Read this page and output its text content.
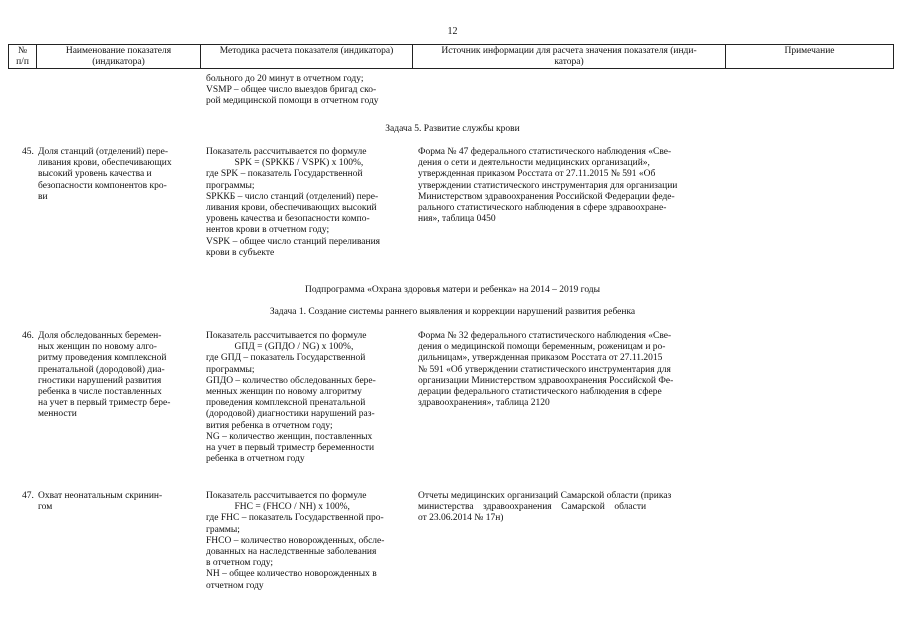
12
№
п/п
Наименование показателя
(индикатора)
Методика расчета показателя (индикатора)	Источник информации для расчета значения показателя (инди-
катора)
Примечание
больного до 20 минут в отчетном году;
VSMP – общее число выездов бригад ско-
рой медицинской помощи в отчетном году
Задача 5. Развитие службы крови
45. Доля станций (отделений) пере-
ливания крови, обеспечивающих
высокий уровень качества и
безопасности компонентов кро-
ви
Показатель рассчитывается по формуле
SPK = (SPKКБ / VSPK) x 100%,
где SPK – показатель Государственной
программы;
SPKКБ – число станций (отделений) пере-
ливания крови, обеспечивающих высокий
уровень качества и безопасности компо-
нентов крови в отчетном году;
VSPK – общее число станций переливания
крови в субъекте
Форма № 47 федерального статистического наблюдения «Све-
дения о сети и деятельности медицинских организаций»,
утвержденная приказом Росстата от 27.11.2015 № 591 «Об
утверждении статистического инструментария для организации
Министерством здравоохранения Российской Федерации феде-
рального статистического наблюдения в сфере здравоохране-
ния», таблица 0450
Подпрограмма «Охрана здоровья матери и ребенка» на 2014 – 2019 годы
Задача 1. Создание системы раннего выявления и коррекции нарушений развития ребенка
46. Доля обследованных беремен-
ных женщин по новому алго-
ритму проведения комплексной
пренатальной (дородовой) диа-
гностики нарушений развития
ребенка в числе поставленных
на учет в первый триместр бере-
менности
Показатель рассчитывается по формуле
GПД = (GПДО / NG) x 100%,
где GПД – показатель Государственной
программы;
GПДО – количество обследованных бере-
менных женщин по новому алгоритму
проведения комплексной пренатальной
(дородовой) диагностики нарушений раз-
вития ребенка в отчетном году;
NG – количество женщин, поставленных
на учет в первый триместр беременности
ребенка в отчетном году
Форма № 32 федерального статистического наблюдения «Све-
дения о медицинской помощи беременным, роженицам и ро-
дильницам», утвержденная приказом Росстата от 27.11.2015
№ 591 «Об утверждении статистического инструментария для
организации Министерством здравоохранения Российской Фе-
дерации федерального статистического наблюдения в сфере
здравоохранения», таблица 2120
47. Охват неонатальным скринин-
гом
Показатель рассчитывается по формуле
FНС = (FНСО / NН) x 100%,
где FНС – показатель Государственной про-
граммы;
FНСО – количество новорожденных, обсле-
дованных на наследственные заболевания
в отчетном году;
NН – общее количество новорожденных в
отчетном году
Отчеты медицинских организаций Самарской области (приказ
министерства    здравоохранения    Самарской    области
от 23.06.2014 № 17н)
